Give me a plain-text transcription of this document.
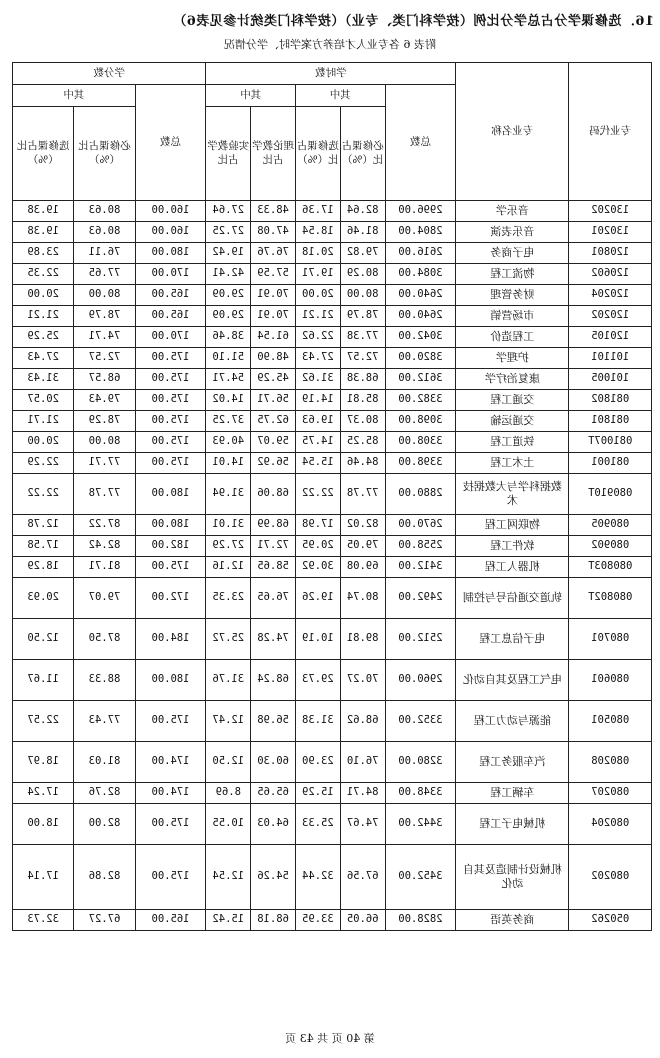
16．选修课学分占总学分比例（按学科门类、专业）（按学科门类统计参见表6）
附表 6 各专业人才培养方案学时、学分情况
专业代码	专业名称	学时数					学分数		
		总数	其中		其中		总数	其中	
			必修课占比（%）	选修课占比（%）	理论教学占比	实验教学占比		必修课占比（%）	选修课占比（%）
130202	音乐学	2996.00	82.64	17.36	48.33	27.64	160.00	80.63	19.38
130201	音乐表演	2804.00	81.46	18.54	47.08	27.25	160.00	80.63	19.38
120801	电子商务	2616.00	79.82	20.18	76.76	19.42	180.00	76.11	23.89
120602	物流工程	3084.00	80.29	19.71	57.59	42.41	170.00	77.65	22.35
120204	财务管理	2640.00	80.00	20.00	70.91	29.09	165.00	80.00	20.00
120202	市场营销	2640.00	78.79	21.21	70.91	29.09	165.00	78.79	21.21
120105	工程造价	3042.00	77.38	22.62	61.54	38.46	170.00	74.71	25.29
101101	护理学	3820.00	72.57	27.43	48.90	51.10	175.00	72.57	27.43
101005	康复治疗学	3612.00	68.38	31.62	45.29	54.71	175.00	68.57	31.43
081802	交通工程	3382.00	85.81	14.19	56.71	14.02	175.00	79.43	20.57
081801	交通运输	3098.00	80.37	19.63	62.75	37.25	175.00	78.29	21.71
081007T	铁道工程	3308.00	85.25	14.75	59.07	40.93	175.00	80.00	20.00
081001	土木工程	3398.00	84.46	15.54	56.92	14.01	175.00	77.71	22.29
080910T	数据科学与大数据技术	2880.00	77.78	22.22	68.06	31.94	180.00	77.78	22.22
080905	物联网工程	2670.00	82.02	17.98	68.99	31.01	180.00	87.22	12.78
080902	软件工程	2558.00	79.05	20.95	72.71	27.29	182.00	82.42	17.58
080803T	机器人工程	3412.00	69.08	30.92	58.65	12.16	175.00	81.71	18.29
080802T	轨道交通信号与控制	2492.00	80.74	19.26	76.65	23.35	172.00	79.07	20.93
080701	电子信息工程	2512.00	89.81	10.19	74.28	25.72	184.00	87.50	12.50
080601	电气工程及其自动化	2960.00	70.27	29.73	68.24	31.76	180.00	88.33	11.67
080501	能源与动力工程	3352.00	68.62	31.38	56.98	12.47	175.00	77.43	22.57
080208	汽车服务工程	3280.00	76.10	23.90	60.30	12.50	174.00	81.03	18.97
080207	车辆工程	3348.00	84.71	15.29	65.65	8.69	174.00	82.76	17.24
080204	机械电子工程	3442.00	74.67	25.33	64.03	10.55	175.00	82.00	18.00
080202	机械设计制造及其自动化	3452.00	67.56	32.44	54.26	12.54	175.00	82.86	17.14
050262	商务英语	2828.00	66.05	33.95	68.18	15.42	165.00	67.27	32.73
第 40 页 共 43 页
